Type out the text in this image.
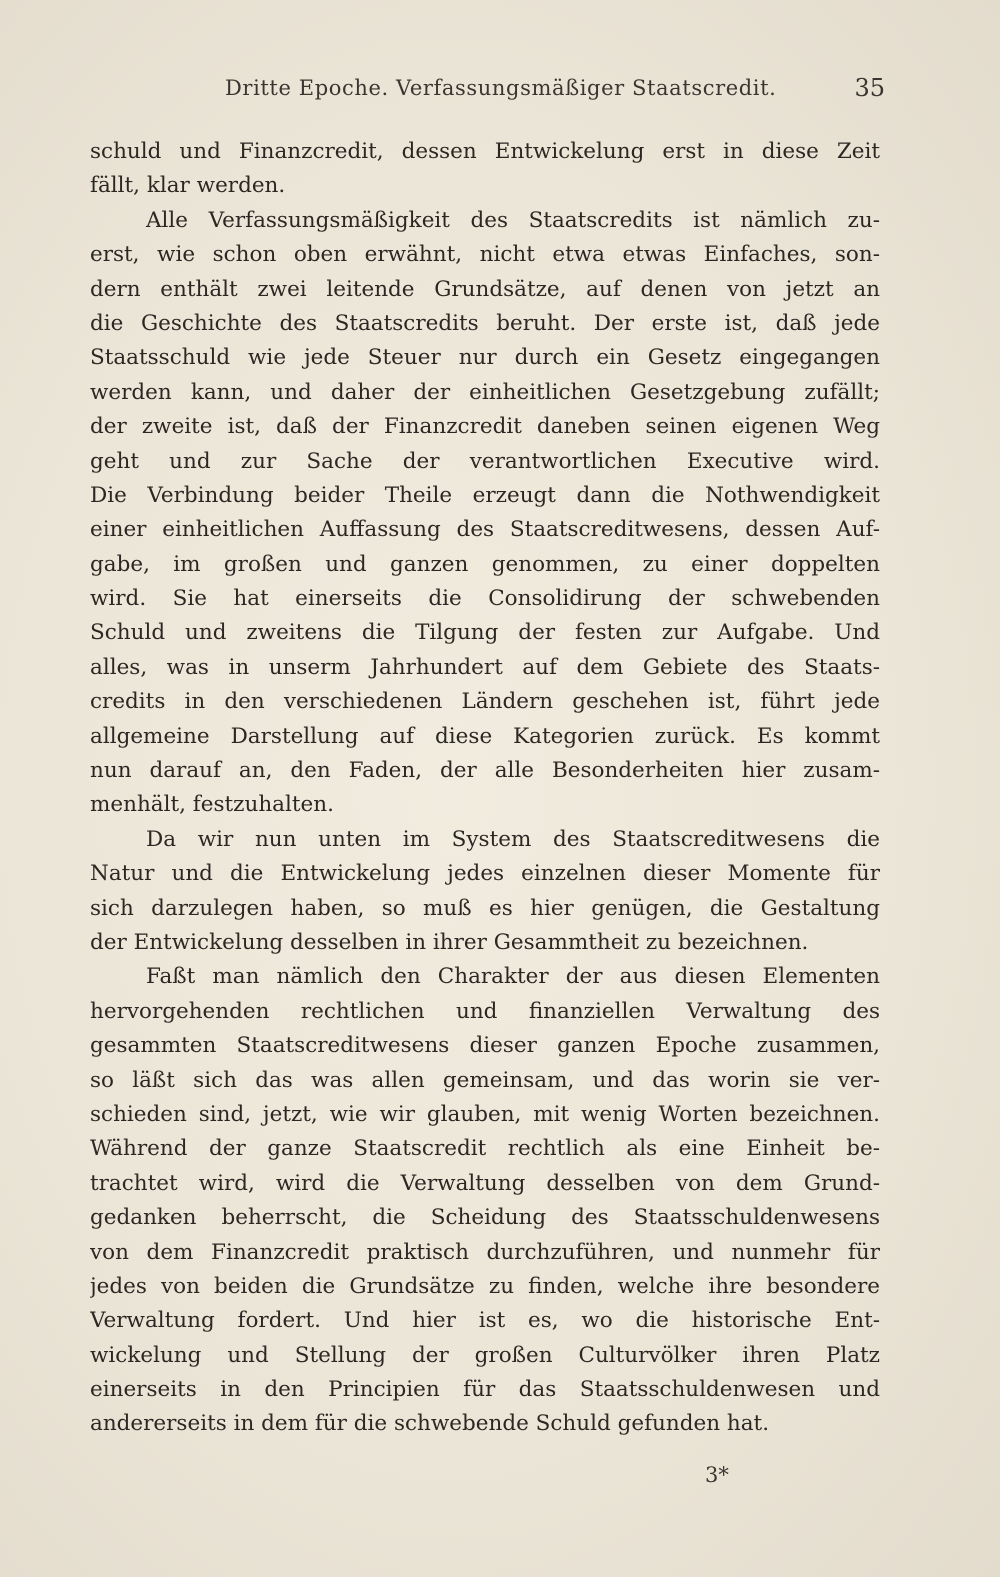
Dritte Epoche. Verfassungsmäßiger Staatscredit.	35
schuld und Finanzcredit, dessen Entwickelung erst in diese Zeit
fällt, klar werden.
Alle Verfassungsmäßigkeit des Staatscredits ist nämlich zu-
erst, wie schon oben erwähnt, nicht etwa etwas Einfaches, son-
dern enthält zwei leitende Grundsätze, auf denen von jetzt an
die Geschichte des Staatscredits beruht. Der erste ist, daß jede
Staatsschuld wie jede Steuer nur durch ein Gesetz eingegangen
werden kann, und daher der einheitlichen Gesetzgebung zufällt;
der zweite ist, daß der Finanzcredit daneben seinen eigenen Weg
geht und zur Sache der verantwortlichen Executive wird.
Die Verbindung beider Theile erzeugt dann die Nothwendigkeit
einer einheitlichen Auffassung des Staatscreditwesens, dessen Auf-
gabe, im großen und ganzen genommen, zu einer doppelten
wird. Sie hat einerseits die Consolidirung der schwebenden
Schuld und zweitens die Tilgung der festen zur Aufgabe. Und
alles, was in unserm Jahrhundert auf dem Gebiete des Staats-
credits in den verschiedenen Ländern geschehen ist, führt jede
allgemeine Darstellung auf diese Kategorien zurück. Es kommt
nun darauf an, den Faden, der alle Besonderheiten hier zusam-
menhält, festzuhalten.
Da wir nun unten im System des Staatscreditwesens die
Natur und die Entwickelung jedes einzelnen dieser Momente für
sich darzulegen haben, so muß es hier genügen, die Gestaltung
der Entwickelung desselben in ihrer Gesammtheit zu bezeichnen.
Faßt man nämlich den Charakter der aus diesen Elementen
hervorgehenden rechtlichen und finanziellen Verwaltung des
gesammten Staatscreditwesens dieser ganzen Epoche zusammen,
so läßt sich das was allen gemeinsam, und das worin sie ver-
schieden sind, jetzt, wie wir glauben, mit wenig Worten bezeichnen.
Während der ganze Staatscredit rechtlich als eine Einheit be-
trachtet wird, wird die Verwaltung desselben von dem Grund-
gedanken beherrscht, die Scheidung des Staatsschuldenwesens
von dem Finanzcredit praktisch durchzuführen, und nunmehr für
jedes von beiden die Grundsätze zu finden, welche ihre besondere
Verwaltung fordert. Und hier ist es, wo die historische Ent-
wickelung und Stellung der großen Culturvölker ihren Platz
einerseits in den Principien für das Staatsschuldenwesen und
andererseits in dem für die schwebende Schuld gefunden hat.
3*
